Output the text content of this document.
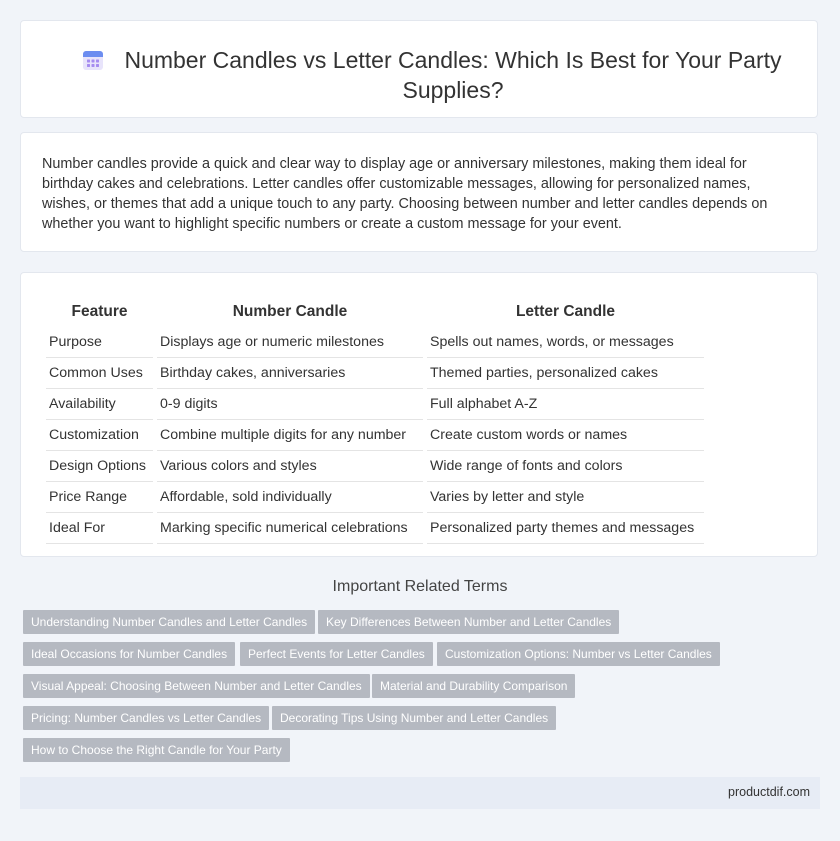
Number Candles vs Letter Candles: Which Is Best for Your Party Supplies?

Number candles provide a quick and clear way to display age or anniversary milestones, making them ideal for birthday cakes and celebrations. Letter candles offer customizable messages, allowing for personalized names, wishes, or themes that add a unique touch to any party. Choosing between number and letter candles depends on whether you want to highlight specific numbers or create a custom message for your event.

Feature	Number Candle	Letter Candle
Purpose	Displays age or numeric milestones	Spells out names, words, or messages
Common Uses	Birthday cakes, anniversaries	Themed parties, personalized cakes
Availability	0-9 digits	Full alphabet A-Z
Customization	Combine multiple digits for any number	Create custom words or names
Design Options	Various colors and styles	Wide range of fonts and colors
Price Range	Affordable, sold individually	Varies by letter and style
Ideal For	Marking specific numerical celebrations	Personalized party themes and messages
Important Related Terms
Understanding Number Candles and Letter Candles	Key Differences Between Number and Letter Candles
Ideal Occasions for Number Candles	Perfect Events for Letter Candles	Customization Options: Number vs Letter Candles
Visual Appeal: Choosing Between Number and Letter Candles	Material and Durability Comparison
Pricing: Number Candles vs Letter Candles	Decorating Tips Using Number and Letter Candles
How to Choose the Right Candle for Your Party
productdif.com
